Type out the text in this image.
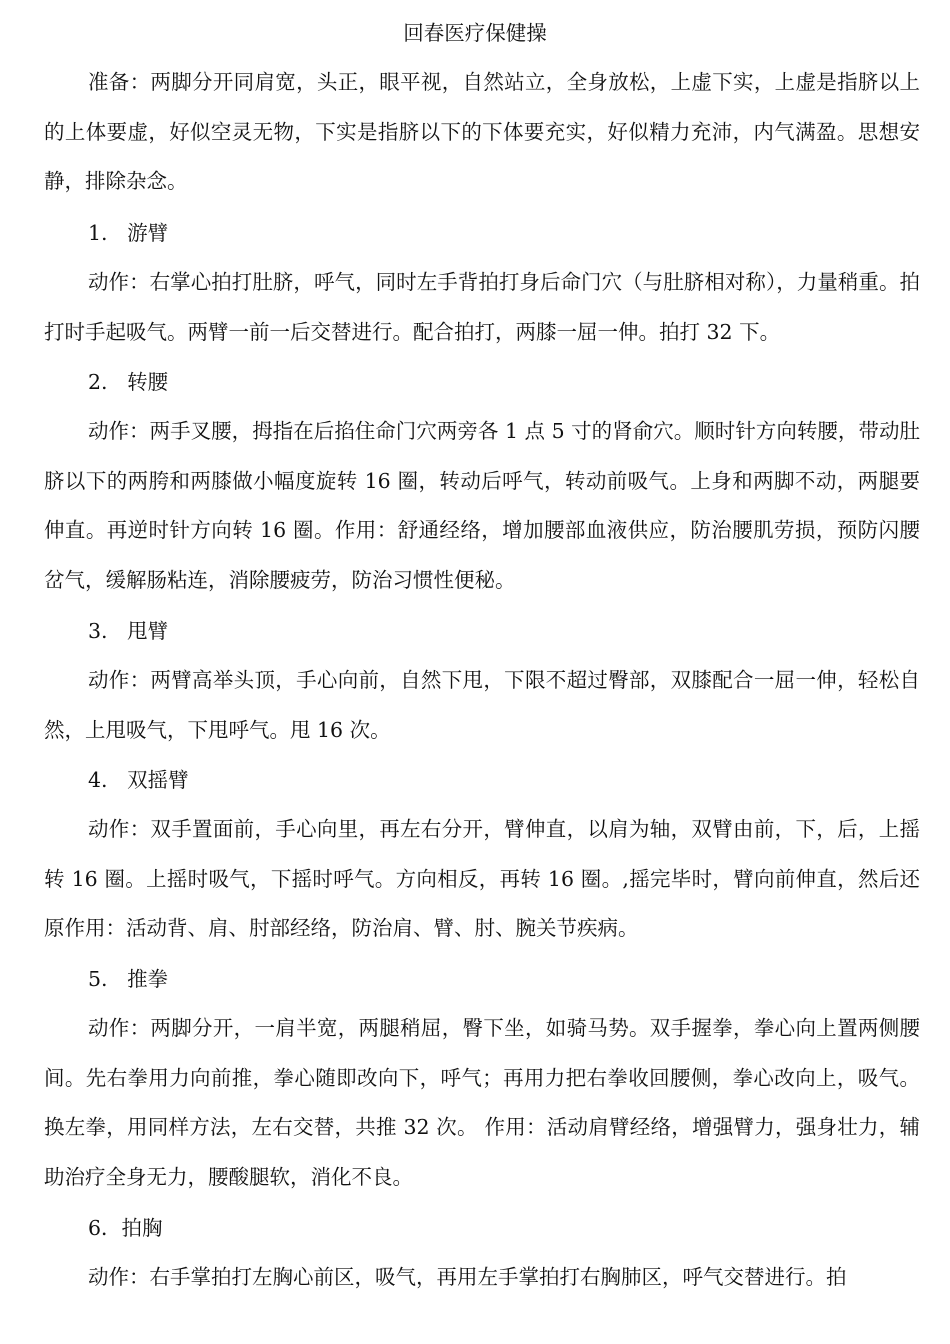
回春医疗保健操
准备：两脚分开同肩宽，头正，眼平视，自然站立，全身放松，上虚下实，上虚是指脐以上的上体要虚，好似空灵无物，下实是指脐以下的下体要充实，好似精力充沛，内气满盈。思想安静，排除杂念。
1.   游臂
动作：右掌心拍打肚脐，呼气，同时左手背拍打身后命门穴（与肚脐相对称），力量稍重。拍打时手起吸气。两臂一前一后交替进行。配合拍打，两膝一屈一伸。拍打 32 下。
2.   转腰
动作：两手叉腰，拇指在后掐住命门穴两旁各 1 点 5 寸的肾俞穴。顺时针方向转腰，带动肚脐以下的两胯和两膝做小幅度旋转 16 圈，转动后呼气，转动前吸气。上身和两脚不动，两腿要伸直。再逆时针方向转 16 圈。作用：舒通经络，增加腰部血液供应，防治腰肌劳损，预防闪腰岔气，缓解肠粘连，消除腰疲劳，防治习惯性便秘。
3.   甩臂
动作：两臂高举头顶，手心向前，自然下甩，下限不超过臀部，双膝配合一屈一伸，轻松自然，上甩吸气，下甩呼气。甩 16 次。
4.   双摇臂
动作：双手置面前，手心向里，再左右分开，臂伸直，以肩为轴，双臂由前，下，后，上摇转 16 圈。上摇时吸气，下摇时呼气。方向相反，再转 16 圈。,摇完毕时，臂向前伸直，然后还原作用：活动背、肩、肘部经络，防治肩、臂、肘、腕关节疾病。
5.   推拳
动作：两脚分开，一肩半宽，两腿稍屈，臀下坐，如骑马势。双手握拳，拳心向上置两侧腰间。先右拳用力向前推，拳心随即改向下，呼气；再用力把右拳收回腰侧，拳心改向上，吸气。换左拳，用同样方法，左右交替，共推 32 次。 作用：活动肩臂经络，增强臂力，强身壮力，辅助治疗全身无力，腰酸腿软，消化不良。
6．拍胸
动作：右手掌拍打左胸心前区，吸气，再用左手掌拍打右胸肺区，呼气交替进行。拍
